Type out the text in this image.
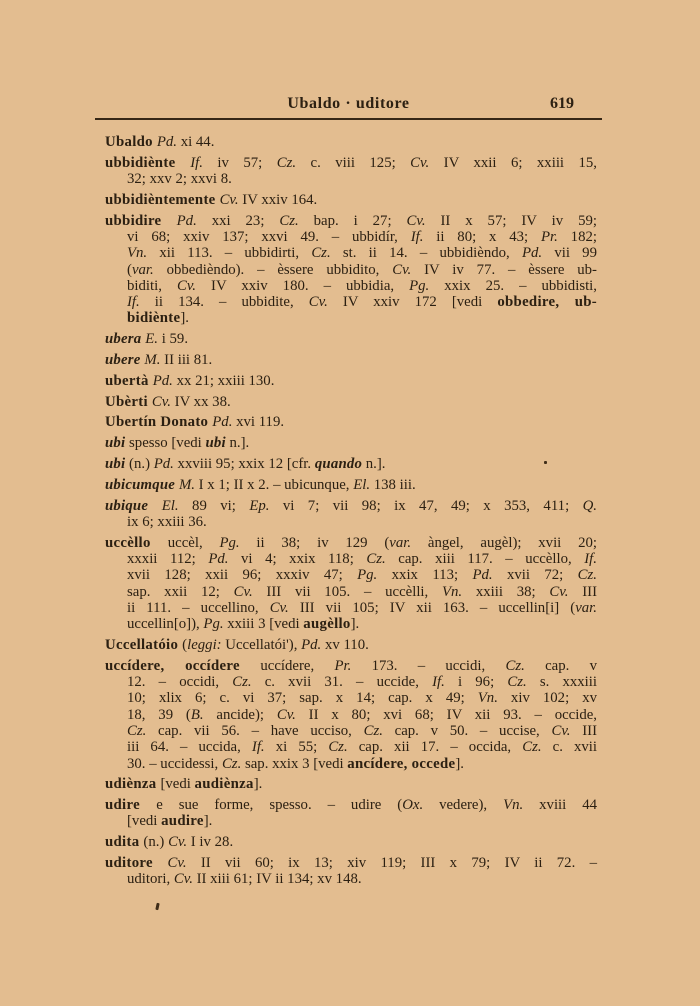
Ubaldo · uditore	619

Ubaldo Pd. xi 44.

ubbidiènte If. iv 57; Cz. c. viii 125; Cv. IV xxii 6; xxiii 15,
32; xxv 2; xxvi 8.

ubbidièntemente Cv. IV xxiv 164.

ubbidire Pd. xxi 23; Cz. bap. i 27; Cv. II x 57; IV iv 59;
vi 68; xxiv 137; xxvi 49. – ubbidír, If. ii 80; x 43; Pr. 182;
Vn. xii 113. – ubbidirti, Cz. st. ii 14. – ubbidièndo, Pd. vii 99
(var. obbedièndo). – èssere ubbidito, Cv. IV iv 77. – èssere ub-
biditi, Cv. IV xxiv 180. – ubbidia, Pg. xxix 25. – ubbidisti,
If. ii 134. – ubbidite, Cv. IV xxiv 172 [vedi obbedire, ub-
bidiènte].

ubera E. i 59.

ubere M. II iii 81.

ubertà Pd. xx 21; xxiii 130.

Ubèrti Cv. IV xx 38.

Ubertín Donato Pd. xvi 119.

ubi spesso [vedi ubi n.].

ubi (n.) Pd. xxviii 95; xxix 12 [cfr. quando n.].

ubicumque M. I x 1; II x 2. – ubicunque, El. 138 iii.

ubique El. 89 vi; Ep. vi 7; vii 98; ix 47, 49; x 353, 411; Q.
ix 6; xxiii 36.

uccèllo uccèl, Pg. ii 38; iv 129 (var. àngel, augèl); xvii 20;
xxxii 112; Pd. vi 4; xxix 118; Cz. cap. xiii 117. – uccèllo, If.
xvii 128; xxii 96; xxxiv 47; Pg. xxix 113; Pd. xvii 72; Cz.
sap. xxii 12; Cv. III vii 105. – uccèlli, Vn. xxiii 38; Cv. III
ii 111. – uccellino, Cv. III vii 105; IV xii 163. – uccellin[i] (var.
uccellin[o]), Pg. xxiii 3 [vedi augèllo].

Uccellatóio (leggi: Uccellatói'), Pd. xv 110.

uccídere, occídere uccídere, Pr. 173. – uccidi, Cz. cap. v
12. – occidi, Cz. c. xvii 31. – uccide, If. i 96; Cz. s. xxxiii
10; xlix 6; c. vi 37; sap. x 14; cap. x 49; Vn. xiv 102; xv
18, 39 (B. ancide); Cv. II x 80; xvi 68; IV xii 93. – occide,
Cz. cap. vii 56. – have ucciso, Cz. cap. v 50. – uccise, Cv. III
iii 64. – uccida, If. xi 55; Cz. cap. xii 17. – occida, Cz. c. xvii
30. – uccidessi, Cz. sap. xxix 3 [vedi ancídere, occede].

udiènza [vedi audiènza].

udire e sue forme, spesso. – udire (Ox. vedere), Vn. xviii 44
[vedi audire].

udita (n.) Cv. I iv 28.

uditore Cv. II vii 60; ix 13; xiv 119; III x 79; IV ii 72. –
uditori, Cv. II xiii 61; IV ii 134; xv 148.
